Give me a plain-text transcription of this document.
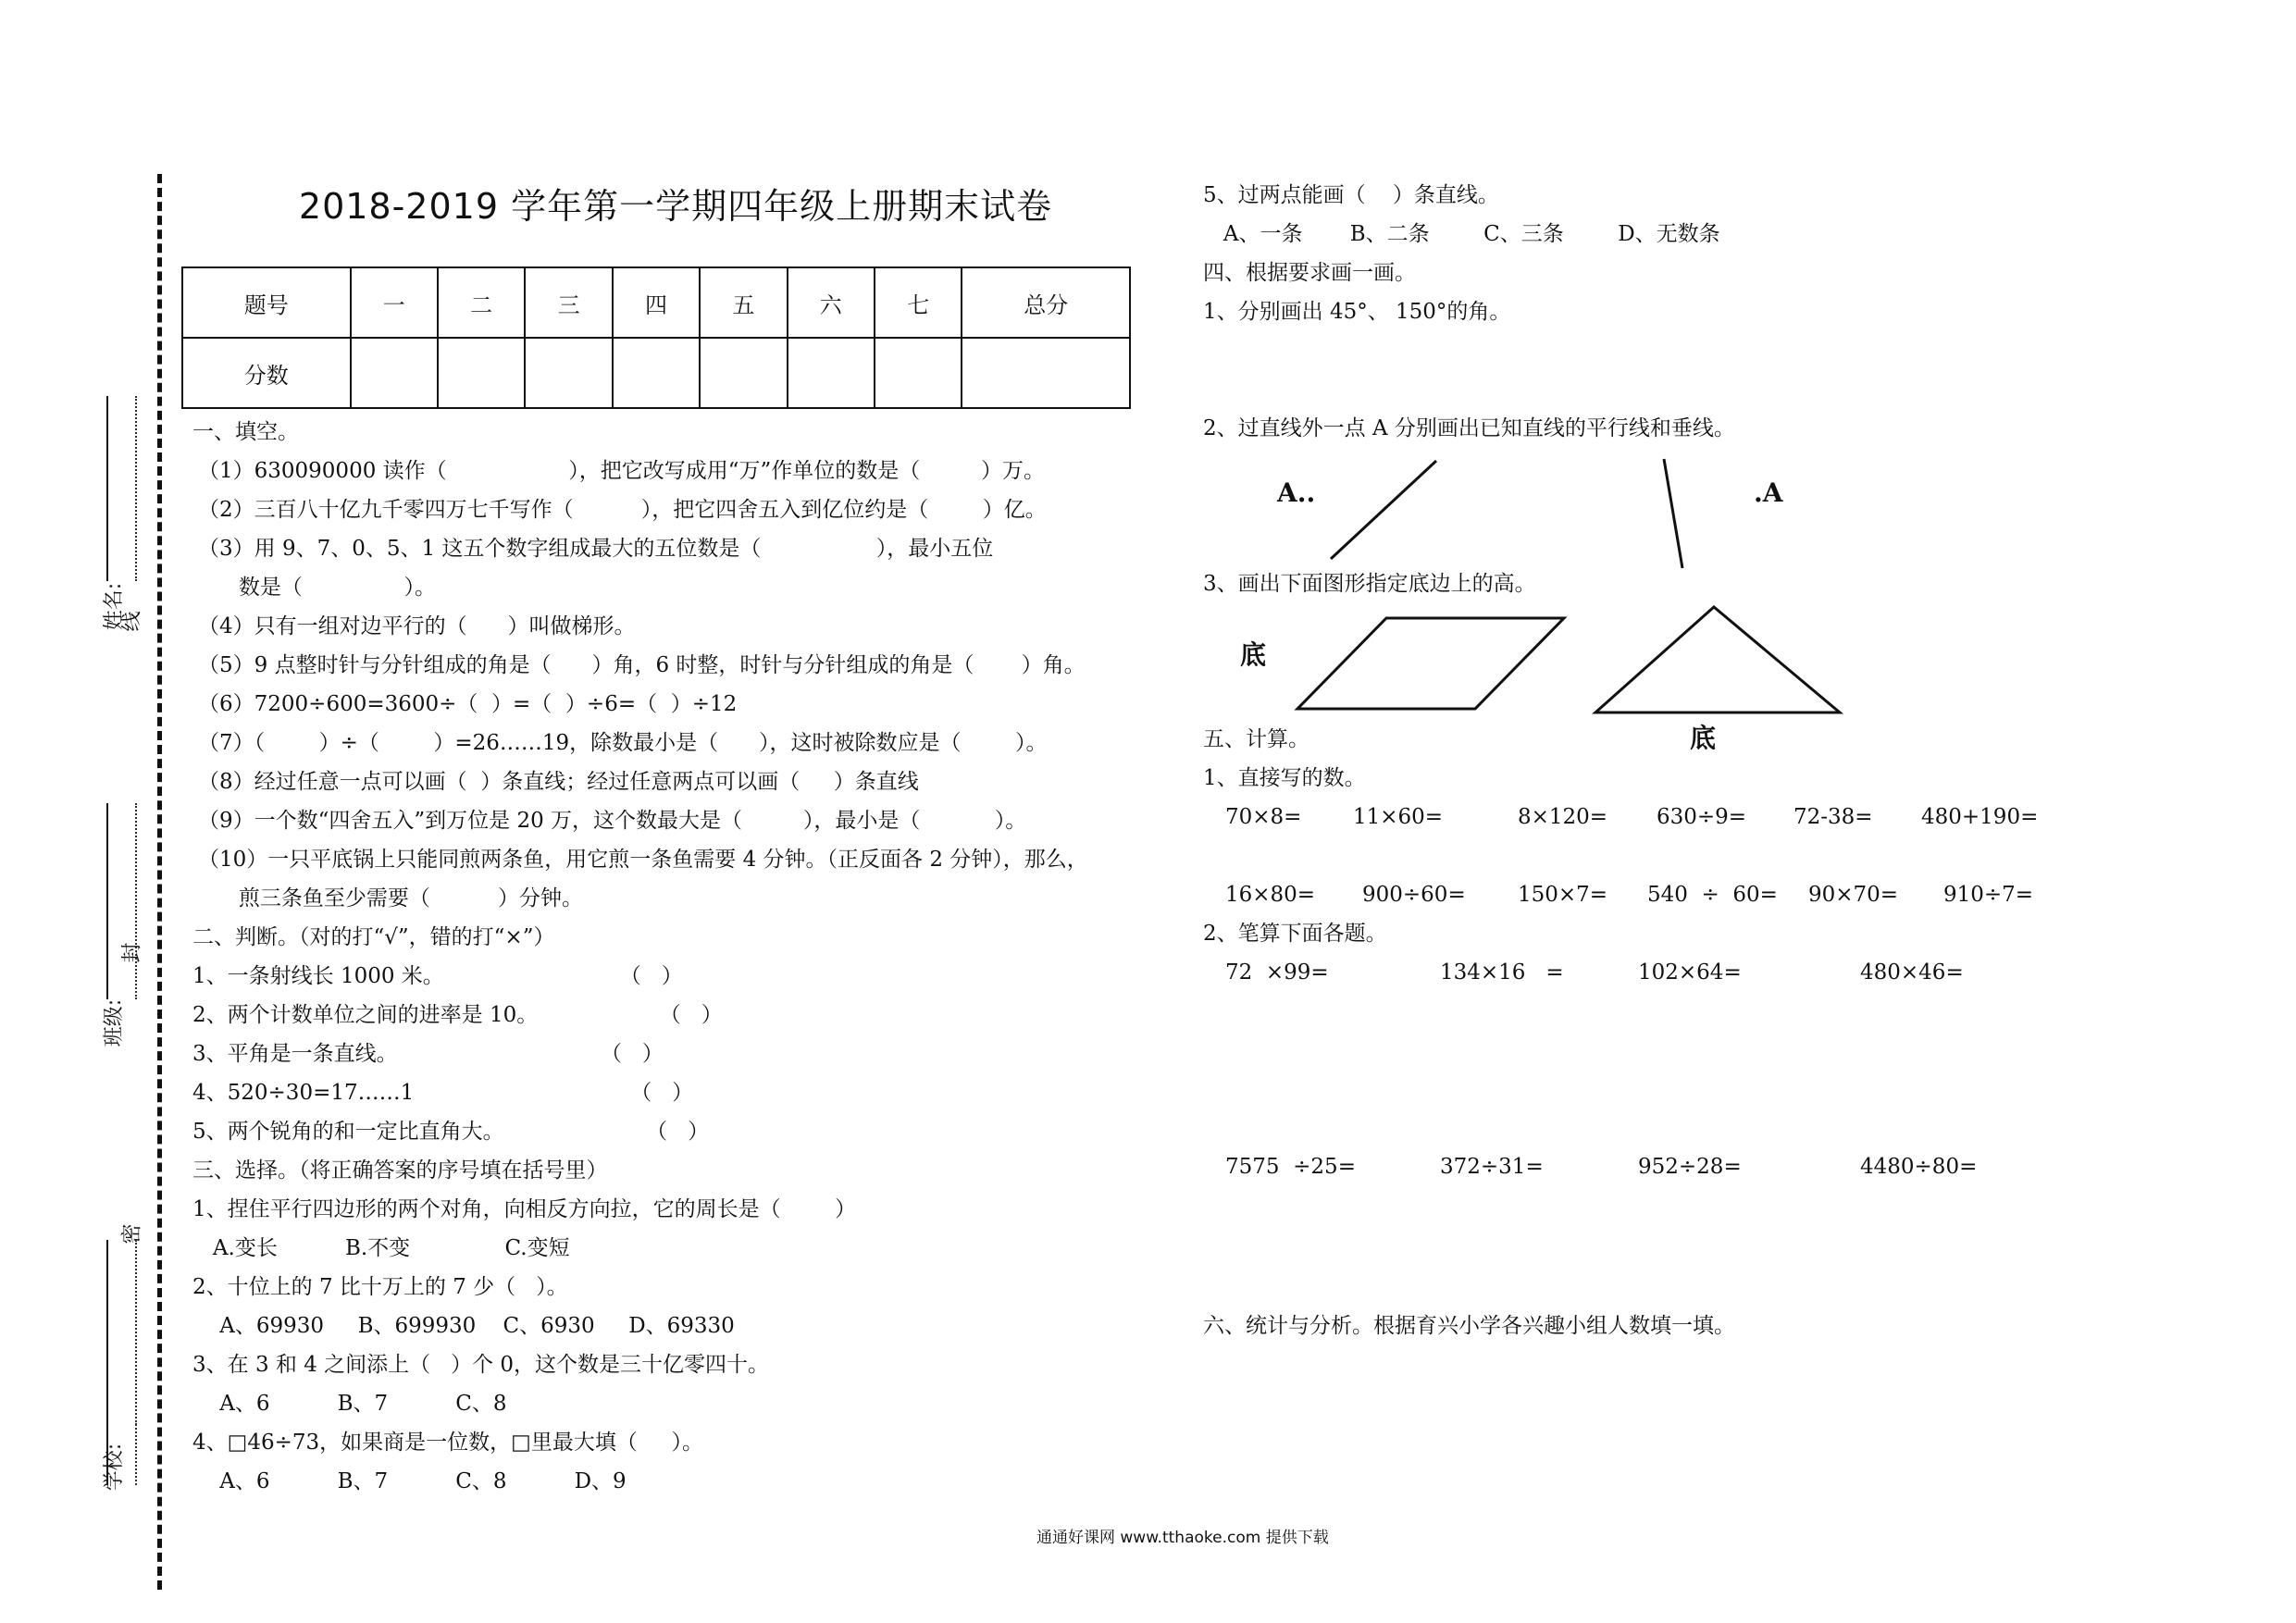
姓名:
线
班级:
封
密
学校:
2018-2019 学年第一学期四年级上册期末试卷
题号	一	二	三	四	五	六	七	总分
分数								
一、填空。
（1）630090000 读作（                  ），把它改写成用“万”作单位的数是（         ）万。
（2）三百八十亿九千零四万七千写作（          ），把它四舍五入到亿位约是（        ）亿。
（3）用 9、7、0、5、1 这五个数字组成最大的五位数是（                 ），最小五位
数是（               ）。
（4）只有一组对边平行的（      ）叫做梯形。
（5）9 点整时针与分针组成的角是（      ）角，6 时整，时针与分针组成的角是（       ）角。
（6）7200÷600=3600÷（  ）=（  ）÷6=（  ）÷12
（7）（        ）÷（        ）=26……19，除数最小是（      ），这时被除数应是（        ）。
（8）经过任意一点可以画（  ）条直线；经过任意两点可以画（     ）条直线
（9）一个数“四舍五入”到万位是 20 万，这个数最大是（         ），最小是（           ）。
（10）一只平底锅上只能同煎两条鱼，用它煎一条鱼需要 4 分钟。（正反面各 2 分钟），那么，
煎三条鱼至少需要（          ）分钟。
二、判断。（对的打“√”，错的打“×”）
1、一条射线长 1000 米。                          （   ）
2、两个计数单位之间的进率是 10。                  （   ）
3、平角是一条直线。                              （   ）
4、520÷30=17……1                                （   ）
5、两个锐角的和一定比直角大。                     （   ）
三、选择。（将正确答案的序号填在括号里）
1、捏住平行四边形的两个对角，向相反方向拉，它的周长是（        ）
A.变长          B.不变              C.变短
2、十位上的 7 比十万上的 7 少（   ）。
A、69930     B、699930    C、6930     D、69330
3、在 3 和 4 之间添上（   ）个 0，这个数是三十亿零四十。
A、6          B、7          C、8
4、□46÷73，如果商是一位数，□里最大填（     ）。
A、6          B、7          C、8          D、9
5、过两点能画（    ）条直线。
A、一条       B、二条        C、三条        D、无数条
四、根据要求画一画。
1、分别画出 45°、 150°的角。
2、过直线外一点 A 分别画出已知直线的平行线和垂线。
A..	.A
3、画出下面图形指定底边上的高。
底
底
五、计算。
1、直接写的数。
70×8= 11×60=	8×120= 630÷9= 72-38= 480+190=
16×80= 900÷60= 150×7= 540  ÷  60= 90×70= 910÷7=
2、笔算下面各题。
72  ×99=	134×16   =	102×64=	480×46=
7575  ÷25=	372÷31=	952÷28=	4480÷80=
六、统计与分析。根据育兴小学各兴趣小组人数填一填。
通通好课网 www.tthaoke.com 提供下载
